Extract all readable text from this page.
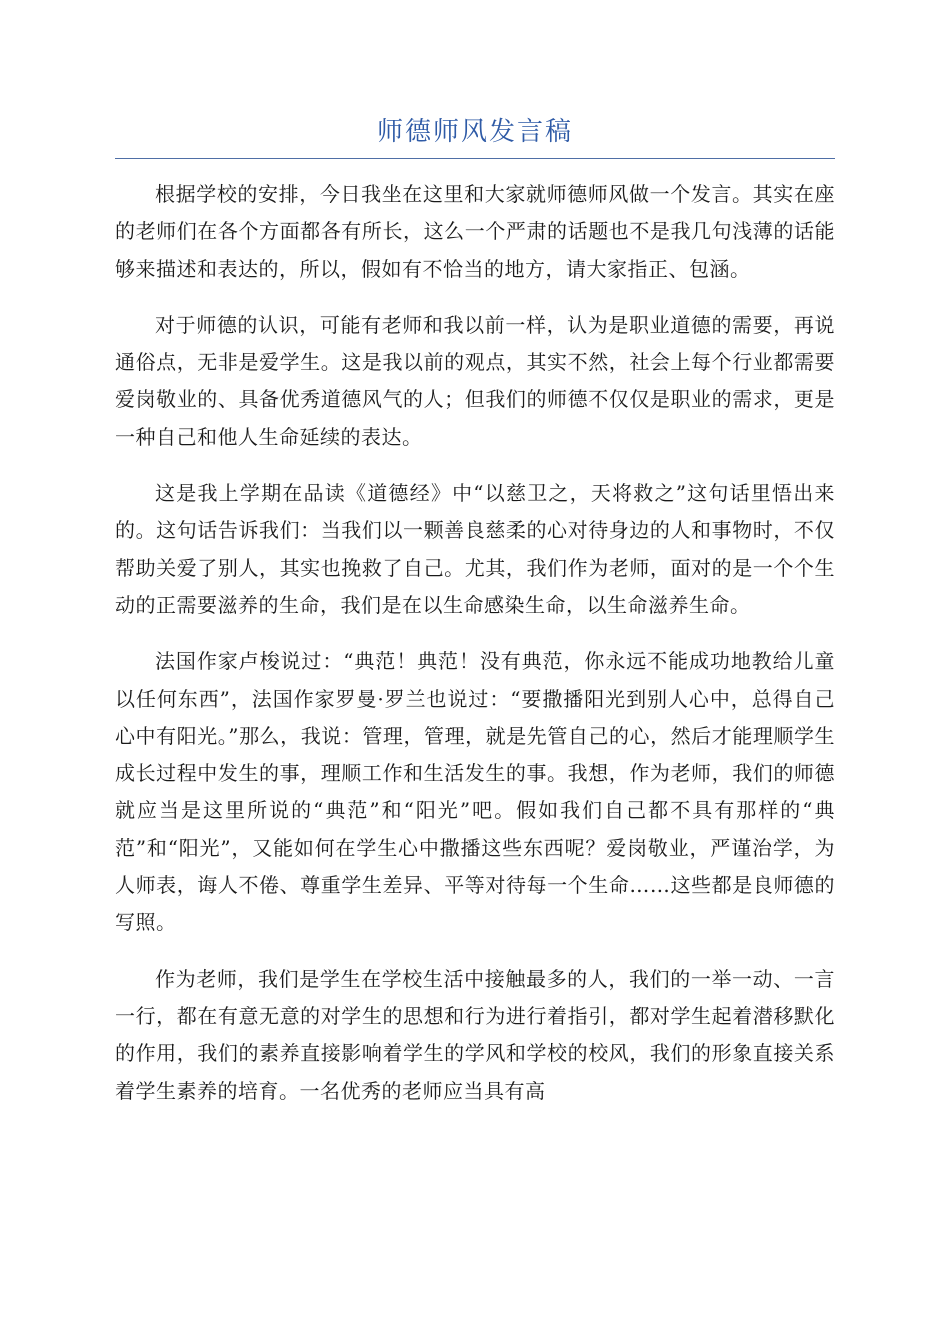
师德师风发言稿

根据学校的安排，今日我坐在这里和大家就师德师风做一个发言。其实在座的老师们在各个方面都各有所长，这么一个严肃的话题也不是我几句浅薄的话能够来描述和表达的，所以，假如有不恰当的地方，请大家指正、包涵。

对于师德的认识，可能有老师和我以前一样，认为是职业道德的需要，再说通俗点，无非是爱学生。这是我以前的观点，其实不然，社会上每个行业都需要爱岗敬业的、具备优秀道德风气的人；但我们的师德不仅仅是职业的需求，更是一种自己和他人生命延续的表达。

这是我上学期在品读《道德经》中“以慈卫之，天将救之”这句话里悟出来的。这句话告诉我们：当我们以一颗善良慈柔的心对待身边的人和事物时，不仅帮助关爱了别人，其实也挽救了自己。尤其，我们作为老师，面对的是一个个生动的正需要滋养的生命，我们是在以生命感染生命，以生命滋养生命。

法国作家卢梭说过：“典范！典范！没有典范，你永远不能成功地教给儿童以任何东西”，法国作家罗曼·罗兰也说过：“要撒播阳光到别人心中，总得自己心中有阳光。”那么，我说：管理，管理，就是先管自己的心，然后才能理顺学生成长过程中发生的事，理顺工作和生活发生的事。我想，作为老师，我们的师德就应当是这里所说的“典范”和“阳光”吧。假如我们自己都不具有那样的“典范”和“阳光”，又能如何在学生心中撒播这些东西呢？爱岗敬业，严谨治学，为人师表，诲人不倦、尊重学生差异、平等对待每一个生命……这些都是良师德的写照。

作为老师，我们是学生在学校生活中接触最多的人，我们的一举一动、一言一行，都在有意无意的对学生的思想和行为进行着指引，都对学生起着潜移默化的作用，我们的素养直接影响着学生的学风和学校的校风，我们的形象直接关系着学生素养的培育。一名优秀的老师应当具有高
